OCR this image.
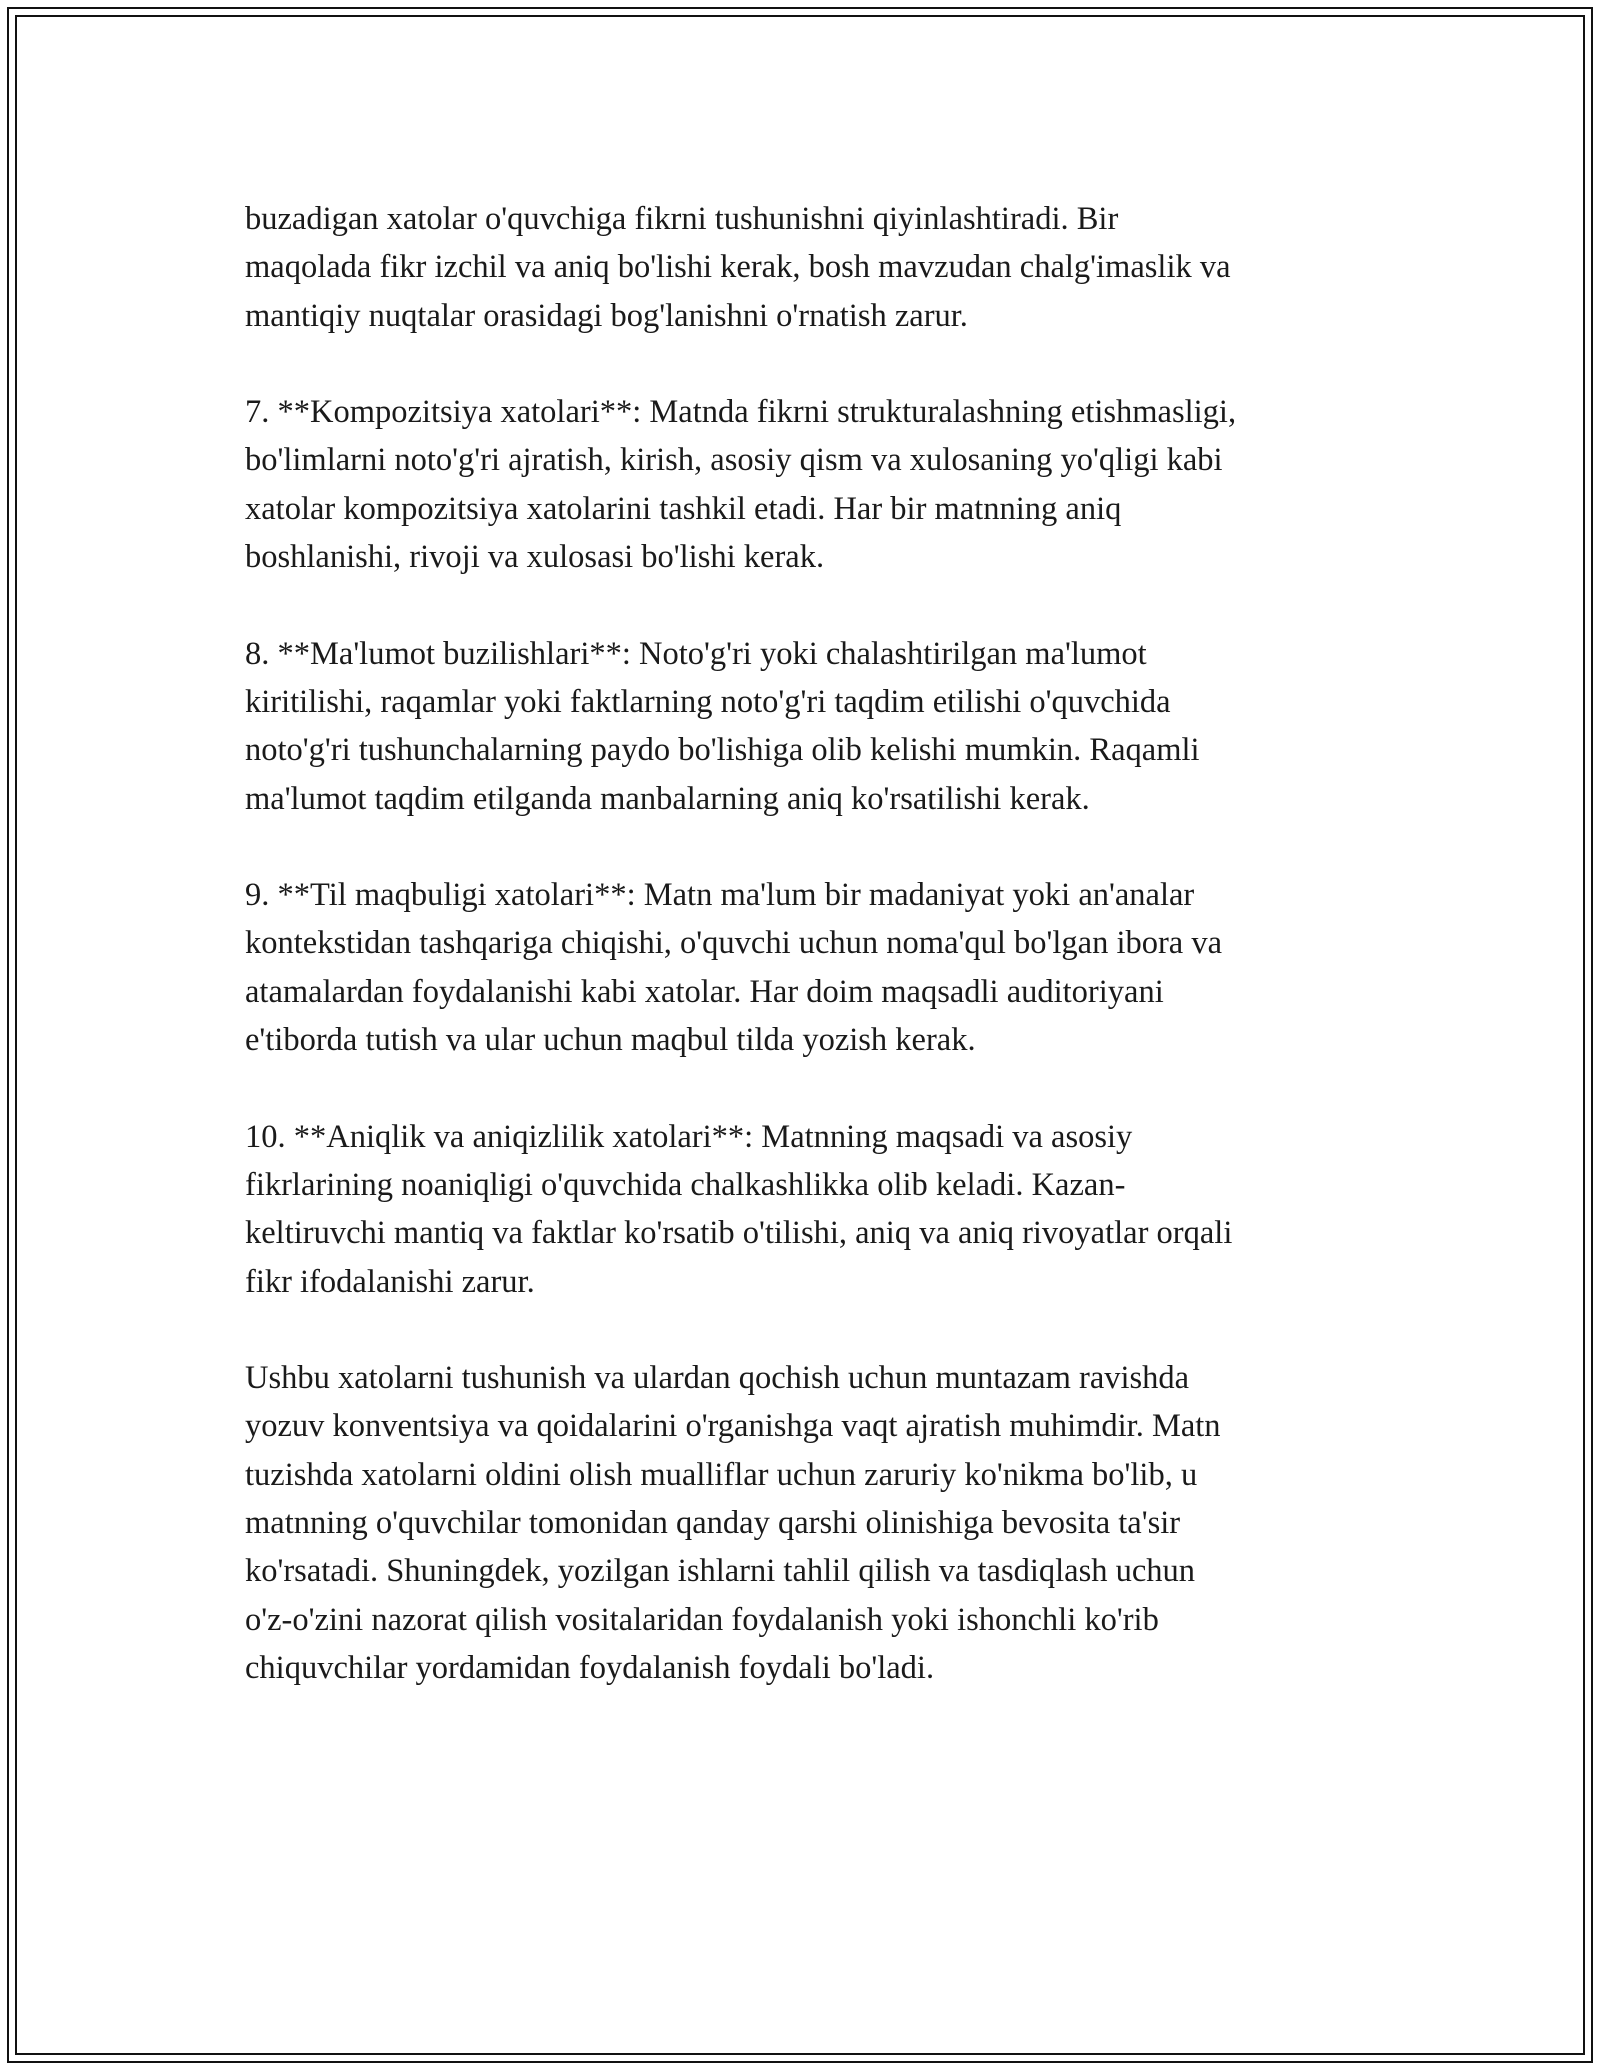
buzadigan xatolar o'quvchiga fikrni tushunishni qiyinlashtiradi. Bir
maqolada fikr izchil va aniq bo'lishi kerak, bosh mavzudan chalg'imaslik va
mantiqiy nuqtalar orasidagi bog'lanishni o'rnatish zarur.

7. **Kompozitsiya xatolari**: Matnda fikrni strukturalashning etishmasligi,
bo'limlarni noto'g'ri ajratish, kirish, asosiy qism va xulosaning yo'qligi kabi
xatolar kompozitsiya xatolarini tashkil etadi. Har bir matnning aniq
boshlanishi, rivoji va xulosasi bo'lishi kerak.

8. **Ma'lumot buzilishlari**: Noto'g'ri yoki chalashtirilgan ma'lumot
kiritilishi, raqamlar yoki faktlarning noto'g'ri taqdim etilishi o'quvchida
noto'g'ri tushunchalarning paydo bo'lishiga olib kelishi mumkin. Raqamli
ma'lumot taqdim etilganda manbalarning aniq ko'rsatilishi kerak.

9. **Til maqbuligi xatolari**: Matn ma'lum bir madaniyat yoki an'analar
kontekstidan tashqariga chiqishi, o'quvchi uchun noma'qul bo'lgan ibora va
atamalardan foydalanishi kabi xatolar. Har doim maqsadli auditoriyani
e'tiborda tutish va ular uchun maqbul tilda yozish kerak.

10. **Aniqlik va aniqizlilik xatolari**: Matnning maqsadi va asosiy
fikrlarining noaniqligi o'quvchida chalkashlikka olib keladi. Kazan-
keltiruvchi mantiq va faktlar ko'rsatib o'tilishi, aniq va aniq rivoyatlar orqali
fikr ifodalanishi zarur.

Ushbu xatolarni tushunish va ulardan qochish uchun muntazam ravishda
yozuv konventsiya va qoidalarini o'rganishga vaqt ajratish muhimdir. Matn
tuzishda xatolarni oldini olish mualliflar uchun zaruriy ko'nikma bo'lib, u
matnning o'quvchilar tomonidan qanday qarshi olinishiga bevosita ta'sir
ko'rsatadi. Shuningdek, yozilgan ishlarni tahlil qilish va tasdiqlash uchun
o'z-o'zini nazorat qilish vositalaridan foydalanish yoki ishonchli ko'rib
chiquvchilar yordamidan foydalanish foydali bo'ladi.
